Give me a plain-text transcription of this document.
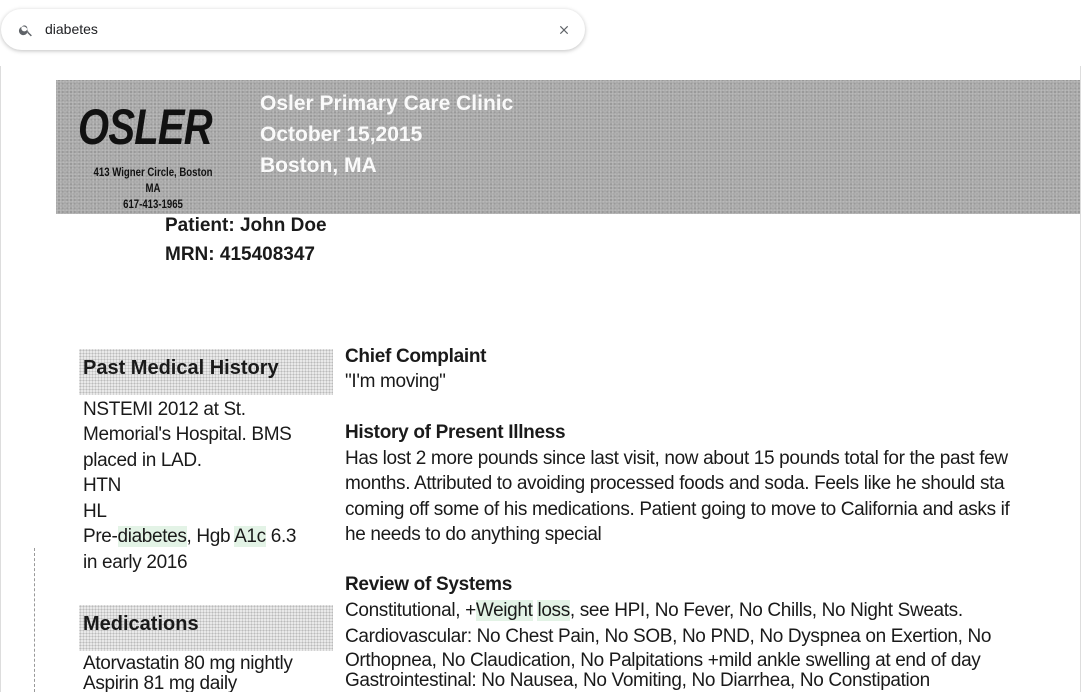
diabetes
OSLER
413 Wigner Circle, Boston MA
617-413-1965
Osler Primary Care Clinic
October 15,2015
Boston, MA
Patient: John Doe
MRN: 415408347
Past Medical History
NSTEMI 2012 at St.
Memorial's Hospital. BMS
placed in LAD.
HTN
HL
Pre-diabetes, Hgb A1c 6.3
in early 2016
Medications
Atorvastatin 80 mg nightly
Aspirin 81 mg daily
Chief Complaint
"I'm moving"
History of Present Illness
Has lost 2 more pounds since last visit, now about 15 pounds total for the past few
months. Attributed to avoiding processed foods and soda. Feels like he should sta
coming off some of his medications. Patient going to move to California and asks if
he needs to do anything special
Review of Systems
Constitutional, +Weight loss, see HPI, No Fever, No Chills, No Night Sweats.
Cardiovascular: No Chest Pain, No SOB, No PND, No Dyspnea on Exertion, No
Orthopnea, No Claudication, No Palpitations +mild ankle swelling at end of day
Gastrointestinal: No Nausea, No Vomiting, No Diarrhea, No Constipation
